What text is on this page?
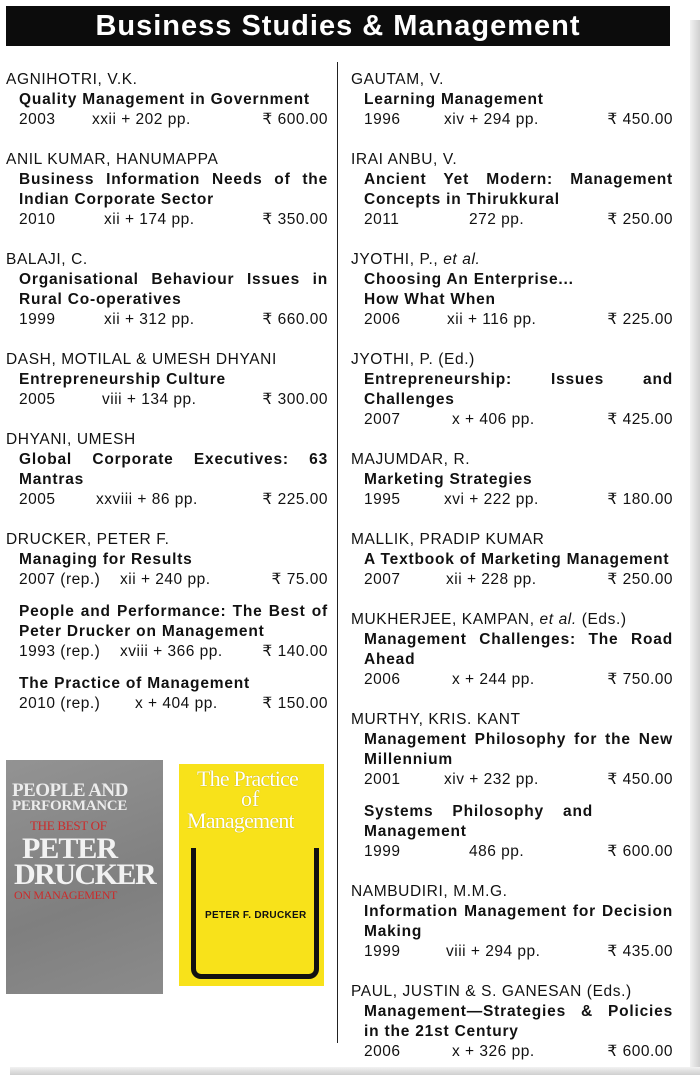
Business Studies & Management
AGNIHOTRI, V.K.
Quality Management in Government
2003 xxii + 202 pp.	₹ 600.00
ANIL KUMAR, HANUMAPPA
Business Information Needs of the Indian Corporate Sector
2010	xii + 174 pp.	₹ 350.00
BALAJI, C.
Organisational Behaviour Issues in Rural Co-operatives
1999	xii + 312 pp.	₹ 660.00
DASH, MOTILAL & UMESH DHYANI
Entrepreneurship Culture
2005	viii + 134 pp.	₹ 300.00
DHYANI, UMESH
Global Corporate Executives: 63 Mantras
2005	xxviii + 86 pp.	₹ 225.00
DRUCKER, PETER F.
Managing for Results
2007 (rep.) xii + 240 pp.	₹ 75.00
People and Performance: The Best of Peter Drucker on Management
1993 (rep.) xviii + 366 pp.	₹ 140.00
The Practice of Management
2010 (rep.) x + 404 pp.	₹ 150.00
PEOPLE AND
PERFORMANCE
THE BEST OF
PETER
DRUCKER
ON MANAGEMENT
The Practice
of
Management
PETER F. DRUCKER
GAUTAM, V.
Learning Management
1996	xiv + 294 pp.	₹ 450.00
IRAI ANBU, V.
Ancient Yet Modern: Management Concepts in Thirukkural
2011	272 pp.	₹ 250.00
JYOTHI, P., et al.
Choosing An Enterprise...
How What When
2006	xii + 116 pp.	₹ 225.00
JYOTHI, P. (Ed.)
Entrepreneurship: Issues and Challenges
2007	x + 406 pp.	₹ 425.00
MAJUMDAR, R.
Marketing Strategies
1995	xvi + 222 pp.	₹ 180.00
MALLIK, PRADIP KUMAR
A Textbook of Marketing Management
2007	xii + 228 pp.	₹ 250.00
MUKHERJEE, KAMPAN, et al. (Eds.)
Management Challenges: The Road Ahead
2006	x + 244 pp.	₹ 750.00
MURTHY, KRIS. KANT
Management Philosophy for the New Millennium
2001	xiv + 232 pp.	₹ 450.00
Systems Philosophy and Management
1999	486 pp.	₹ 600.00
NAMBUDIRI, M.M.G.
Information Management for Decision Making
1999	viii + 294 pp.	₹ 435.00
PAUL, JUSTIN & S. GANESAN (Eds.)
Management—Strategies & Policies in the 21st Century
2006	x + 326 pp.	₹ 600.00
